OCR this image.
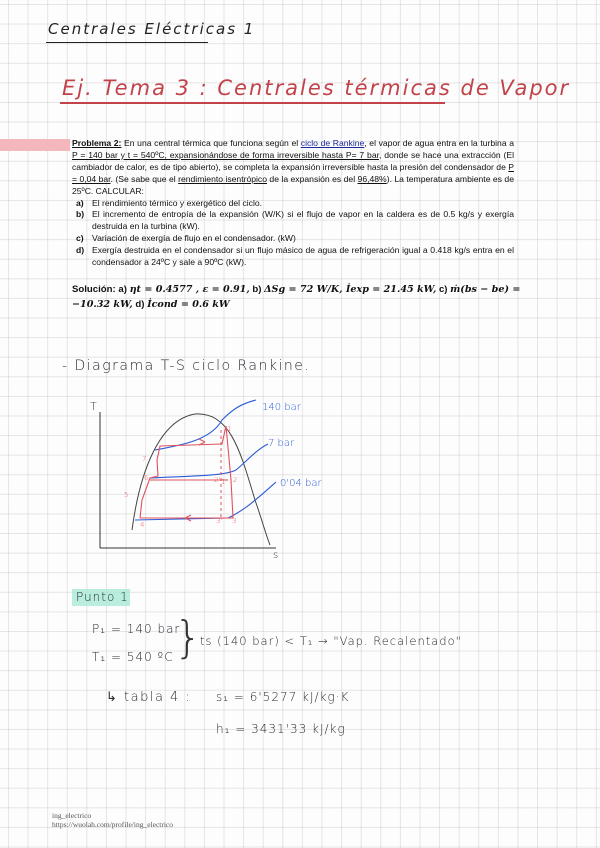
Centrales Eléctricas 1
Ej. Tema 3 : Centrales térmicas de Vapor
Problema 2: En una central térmica que funciona según el ciclo de Rankine, el vapor de agua entra en la turbina a P = 140 bar y t = 540ºC, expansionándose de forma irreversible hasta P= 7 bar, donde se hace una extracción (El cambiador de calor, es de tipo abierto), se completa la expansión irreversible hasta la presión del condensador de P = 0,04 bar. (Se sabe que el rendimiento isentrópico de la expansión es del 96,48%). La temperatura ambiente es de 25ºC. CALCULAR:
a) El rendimiento térmico y exergético del ciclo.
b) El incremento de entropía de la expansión (W/K) si el flujo de vapor en la caldera es de 0.5 kg/s y exergía destruida en la turbina (kW).
c) Variación de exergía de flujo en el condensador. (kW)
d) Exergía destruida en el condensador si un flujo másico de agua de refrigeración igual a 0.418 kg/s entra en el condensador a 24ºC y sale a 90ºC (kW).
Solución: a) ηt = 0.4577 , ε = 0.91, b) ΔSg = 72 W/K, İexp = 21.45 kW, c) ṁ(bs − be) =
−10.32 kW, d) İcond = 0.6 kW
- Diagrama T-S ciclo Rankine.
T
s
140 bar
7 bar
0'04 bar
1
2
2'
3
3'
4
5
6
7
1'
Punto 1
P₁ = 140 bar
T₁ = 540 ºC }
ts (140 bar) < T₁ → "Vap. Recalentado"
↳ tabla 4 : s₁ = 6'5277 kJ/kg·K
h₁ = 3431'33 kJ/kg
ing_electrico
https://wuolah.com/profile/ing_electrico
